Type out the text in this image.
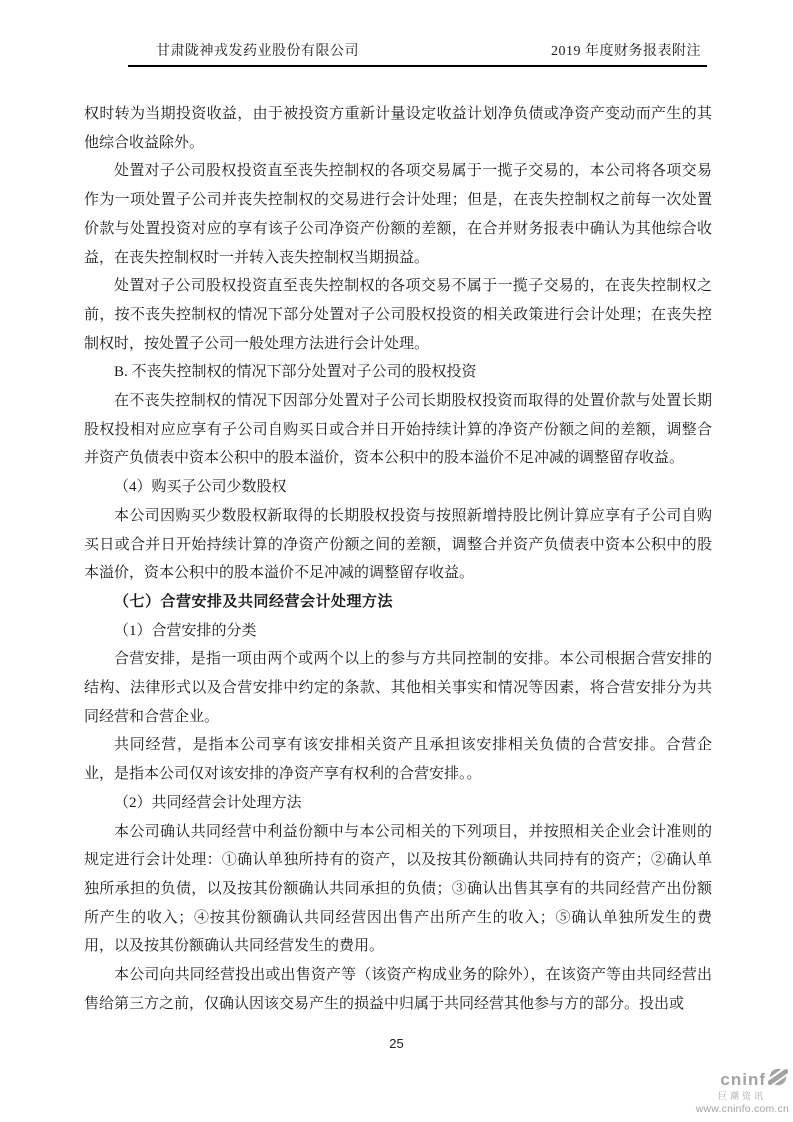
甘肃陇神戎发药业股份有限公司	2019 年度财务报表附注

权时转为当期投资收益，由于被投资方重新计量设定收益计划净负债或净资产变动而产生的其他综合收益除外。

处置对子公司股权投资直至丧失控制权的各项交易属于一揽子交易的，本公司将各项交易作为一项处置子公司并丧失控制权的交易进行会计处理；但是，在丧失控制权之前每一次处置价款与处置投资对应的享有该子公司净资产份额的差额，在合并财务报表中确认为其他综合收益，在丧失控制权时一并转入丧失控制权当期损益。

处置对子公司股权投资直至丧失控制权的各项交易不属于一揽子交易的，在丧失控制权之前，按不丧失控制权的情况下部分处置对子公司股权投资的相关政策进行会计处理；在丧失控制权时，按处置子公司一般处理方法进行会计处理。

B. 不丧失控制权的情况下部分处置对子公司的股权投资

在不丧失控制权的情况下因部分处置对子公司长期股权投资而取得的处置价款与处置长期股权投相对应应享有子公司自购买日或合并日开始持续计算的净资产份额之间的差额，调整合并资产负债表中资本公积中的股本溢价，资本公积中的股本溢价不足冲减的调整留存收益。

（4）购买子公司少数股权

本公司因购买少数股权新取得的长期股权投资与按照新增持股比例计算应享有子公司自购买日或合并日开始持续计算的净资产份额之间的差额，调整合并资产负债表中资本公积中的股本溢价，资本公积中的股本溢价不足冲减的调整留存收益。

（七）合营安排及共同经营会计处理方法

（1）合营安排的分类

合营安排，是指一项由两个或两个以上的参与方共同控制的安排。本公司根据合营安排的结构、法律形式以及合营安排中约定的条款、其他相关事实和情况等因素，将合营安排分为共同经营和合营企业。

共同经营，是指本公司享有该安排相关资产且承担该安排相关负债的合营安排。合营企业，是指本公司仅对该安排的净资产享有权利的合营安排。。

（2）共同经营会计处理方法

本公司确认共同经营中利益份额中与本公司相关的下列项目，并按照相关企业会计准则的规定进行会计处理：①确认单独所持有的资产，以及按其份额确认共同持有的资产；②确认单独所承担的负债，以及按其份额确认共同承担的负债；③确认出售其享有的共同经营产出份额所产生的收入；④按其份额确认共同经营因出售产出所产生的收入；⑤确认单独所发生的费用，以及按其份额确认共同经营发生的费用。

本公司向共同经营投出或出售资产等（该资产构成业务的除外），在该资产等由共同经营出售给第三方之前，仅确认因该交易产生的损益中归属于共同经营其他参与方的部分。投出或

25
cninf
巨潮资讯
www.cninfo.com.cn
